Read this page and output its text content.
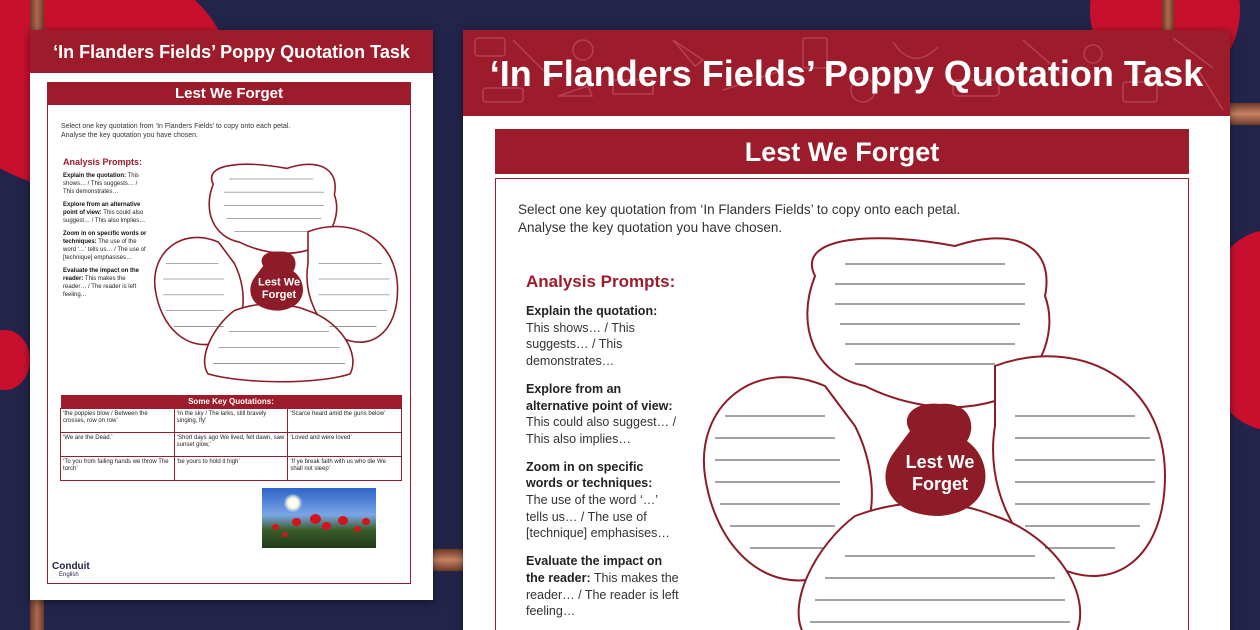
‘In Flanders Fields’ Poppy Quotation Task
Lest We Forget
Select one key quotation from ‘In Flanders Fields’ to copy onto each petal.
Analyse the key quotation you have chosen.
Analysis Prompts:
Explain the quotation: This shows… / This suggests… / This demonstrates…
Explore from an alternative point of view: This could also suggest… / This also implies…
Zoom in on specific words or techniques: The use of the word ‘…’ tells us… / The use of [technique] emphasises…
Evaluate the impact on the reader: This makes the reader… / The reader is left feeling…
Lest We
Forget
Some Key Quotations:		
‘the poppies blow / Between the crosses, row on row’	‘In the sky / The larks, still bravely singing, fly’	‘Scarce heard amid the guns below’
‘We are the Dead.’	‘Short days ago We lived, felt dawn, saw sunset glow,’	‘Loved and were loved’
‘To you from failing hands we throw The torch’	‘be yours to hold it high’	‘If ye break faith with us who die We shall not sleep’
Conduit
English
‘In Flanders Fields’ Poppy Quotation Task
Lest We Forget
Select one key quotation from ‘In Flanders Fields’ to copy onto each petal.
Analyse the key quotation you have chosen.
Analysis Prompts:
Explain the quotation:
This shows… / This suggests… / This demonstrates…
Explore from an alternative point of view:
This could also suggest… / This also implies…
Zoom in on specific words or techniques:
The use of the word ‘…’ tells us… / The use of [technique] emphasises…
Evaluate the impact on the reader: This makes the reader… / The reader is left feeling…
Lest We
Forget
